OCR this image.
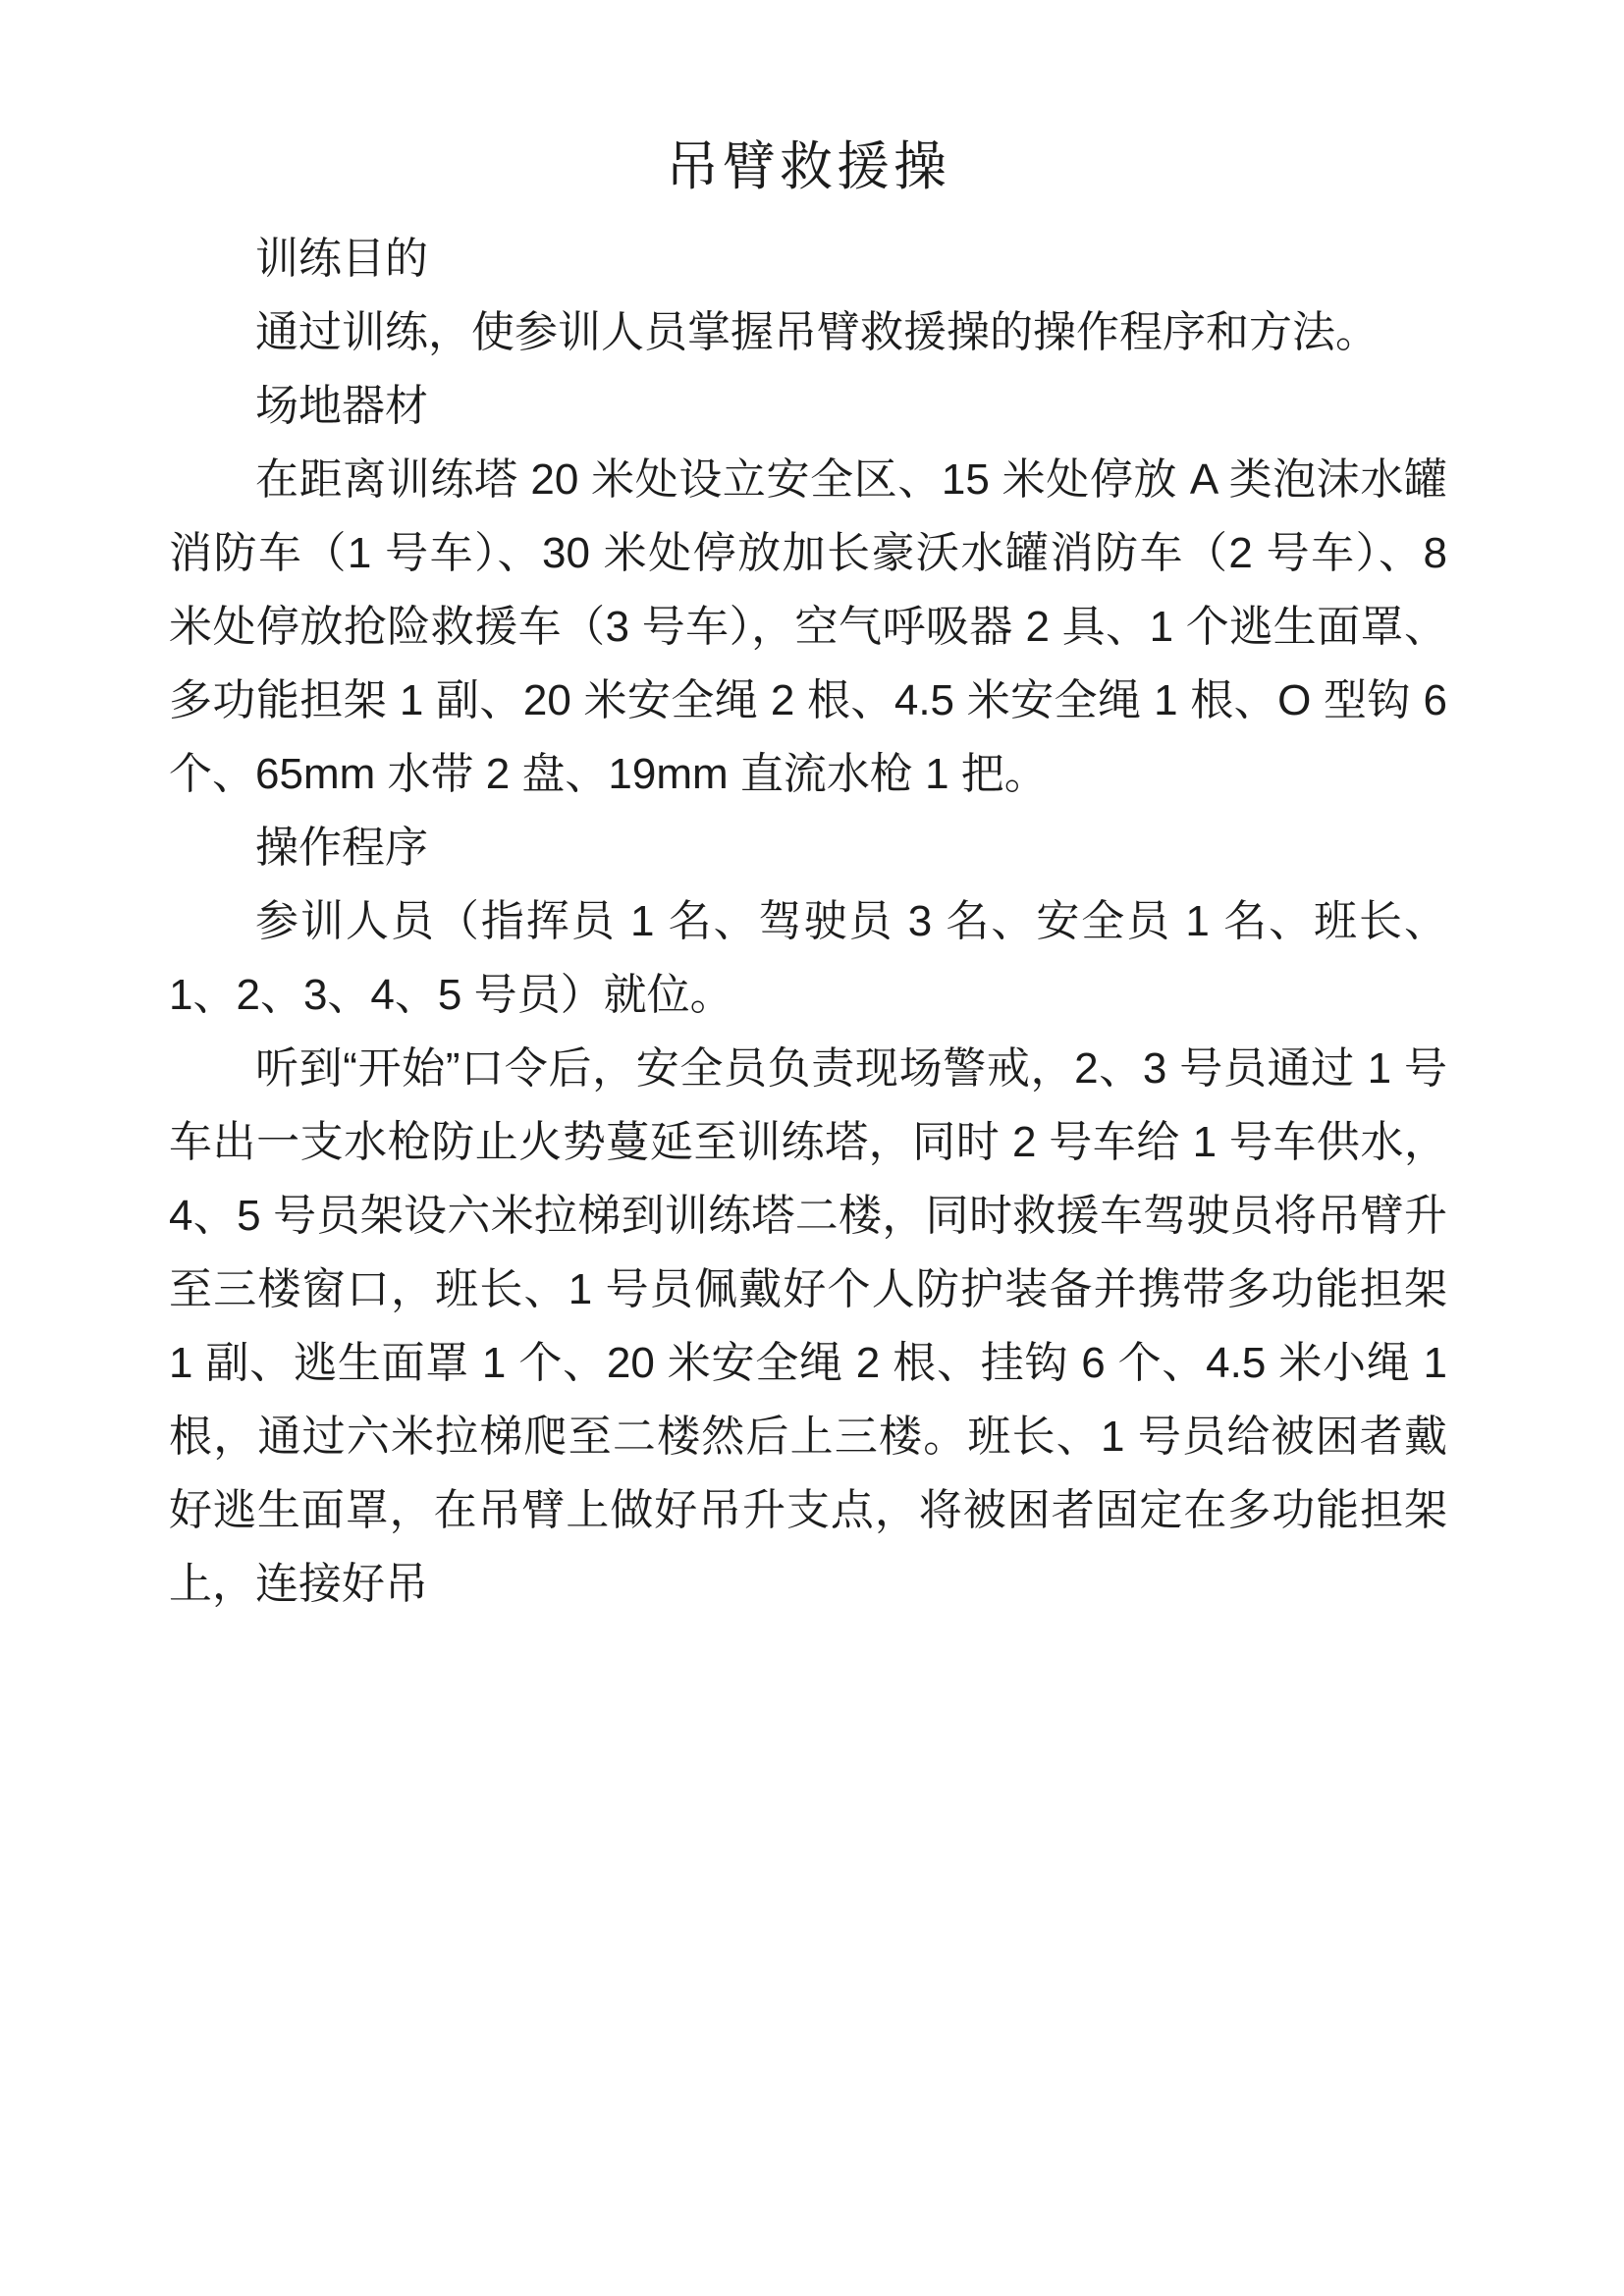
吊臂救援操

训练目的

通过训练，使参训人员掌握吊臂救援操的操作程序和方法。

场地器材

在距离训练塔 20 米处设立安全区、15 米处停放 A 类泡沫水罐消防车（1 号车）、30 米处停放加长豪沃水罐消防车（2 号车）、8 米处停放抢险救援车（3 号车），空气呼吸器 2 具、1 个逃生面罩、多功能担架 1 副、20 米安全绳 2 根、4.5 米安全绳 1 根、O 型钩 6 个、65mm 水带 2 盘、19mm 直流水枪 1 把。

操作程序

参训人员（指挥员 1 名、驾驶员 3 名、安全员 1 名、班长、1、2、3、4、5 号员）就位。

听到“开始”口令后，安全员负责现场警戒，2、3 号员通过 1 号车出一支水枪防止火势蔓延至训练塔，同时 2 号车给 1 号车供水，4、5 号员架设六米拉梯到训练塔二楼，同时救援车驾驶员将吊臂升至三楼窗口，班长、1 号员佩戴好个人防护装备并携带多功能担架 1 副、逃生面罩 1 个、20 米安全绳 2 根、挂钩 6 个、4.5 米小绳 1 根，通过六米拉梯爬至二楼然后上三楼。班长、1 号员给被困者戴好逃生面罩，在吊臂上做好吊升支点，将被困者固定在多功能担架上，连接好吊
